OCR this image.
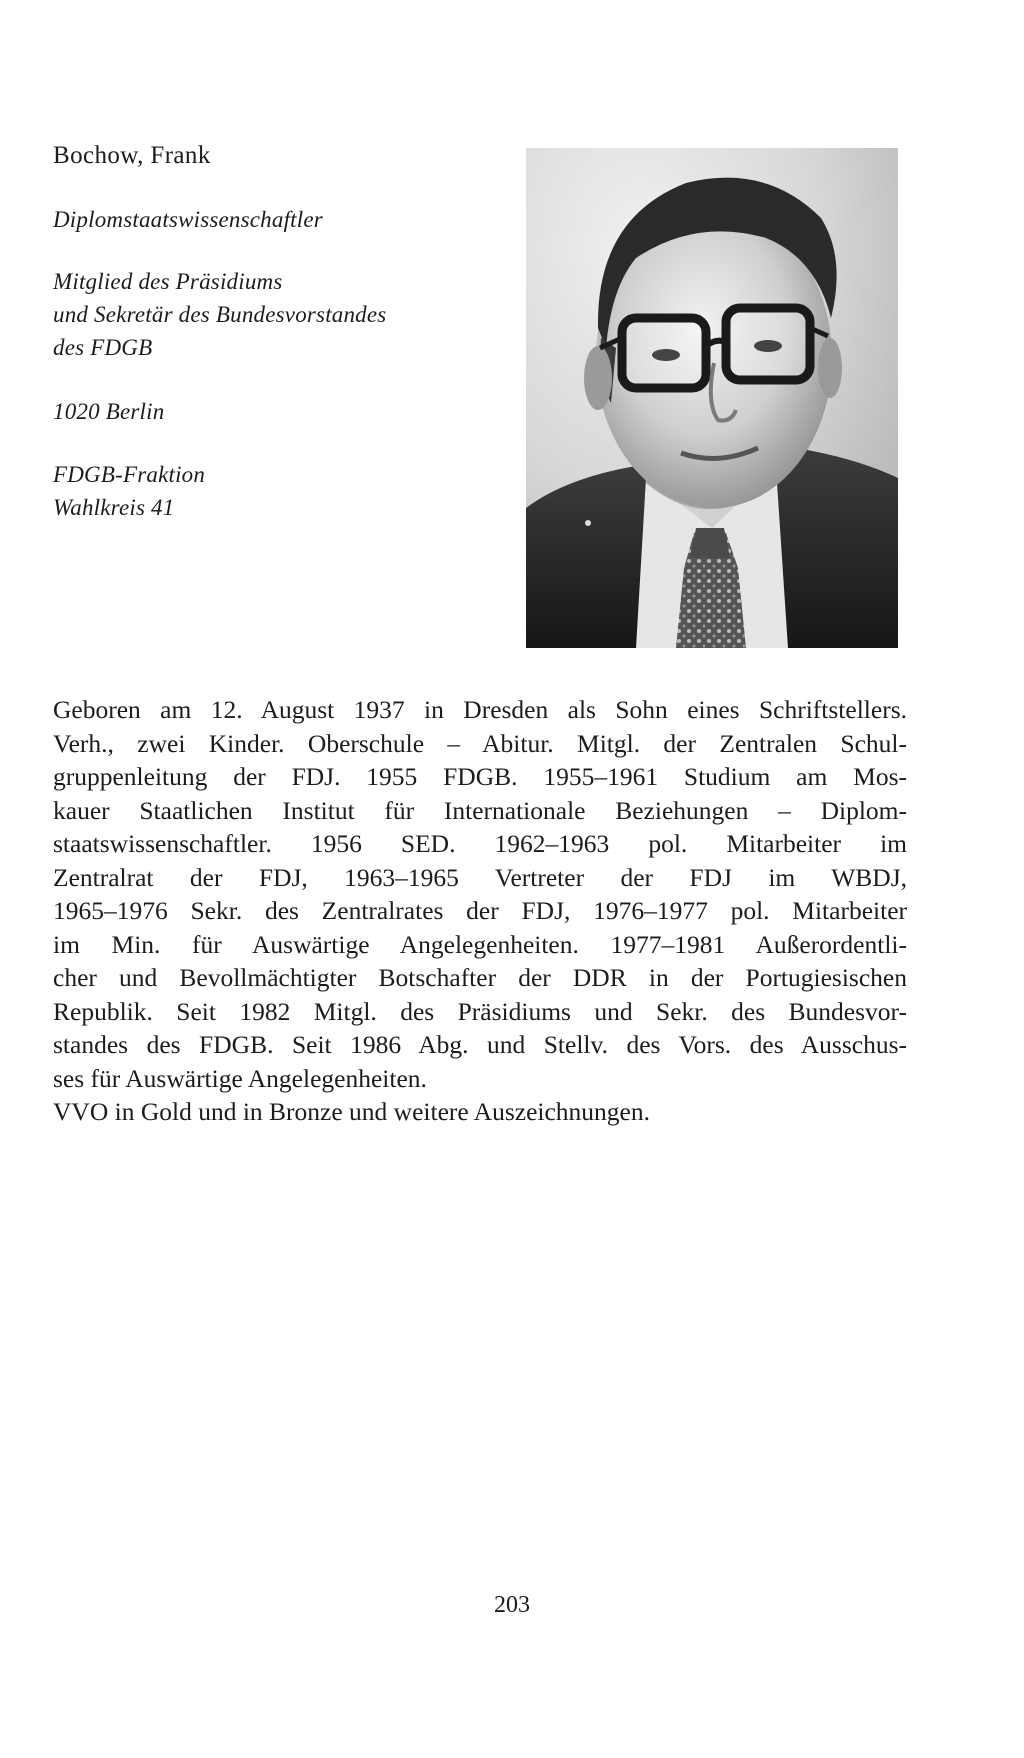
Bochow, Frank
Diplomstaatswissenschaftler
Mitglied des Präsidiums
und Sekretär des Bundesvorstandes
des FDGB
1020 Berlin
FDGB-Fraktion
Wahlkreis 41
Geboren am 12. August 1937 in Dresden als Sohn eines Schriftstellers.
Verh., zwei Kinder. Oberschule – Abitur. Mitgl. der Zentralen Schul-
gruppenleitung der FDJ. 1955 FDGB. 1955–1961 Studium am Mos-
kauer Staatlichen Institut für Internationale Beziehungen – Diplom-
staatswissenschaftler. 1956 SED. 1962–1963 pol. Mitarbeiter im
Zentralrat der FDJ, 1963–1965 Vertreter der FDJ im WBDJ,
1965–1976 Sekr. des Zentralrates der FDJ, 1976–1977 pol. Mitarbeiter
im Min. für Auswärtige Angelegenheiten. 1977–1981 Außerordentli-
cher und Bevollmächtigter Botschafter der DDR in der Portugiesischen
Republik. Seit 1982 Mitgl. des Präsidiums und Sekr. des Bundesvor-
standes des FDGB. Seit 1986 Abg. und Stellv. des Vors. des Ausschus-
ses für Auswärtige Angelegenheiten.
VVO in Gold und in Bronze und weitere Auszeichnungen.
203
